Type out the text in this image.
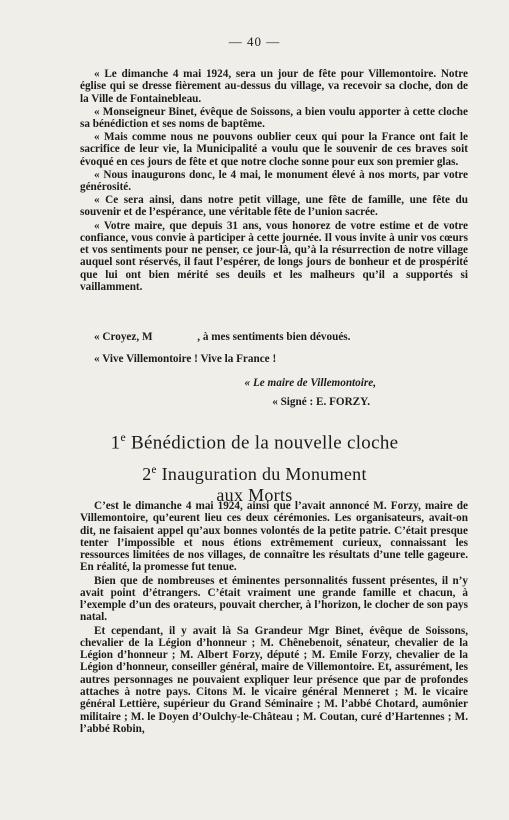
— 40 —

« Le dimanche 4 mai 1924, sera un jour de fête pour Villemontoire. Notre église qui se dresse fièrement au-dessus du village, va recevoir sa cloche, don de la Ville de Fontainebleau.

« Monseigneur Binet, évêque de Soissons, a bien voulu apporter à cette cloche sa bénédiction et ses noms de baptême.

« Mais comme nous ne pouvons oublier ceux qui pour la France ont fait le sacrifice de leur vie, la Municipalité a voulu que le souvenir de ces braves soit évoqué en ces jours de fête et que notre cloche sonne pour eux son premier glas.

« Nous inaugurons donc, le 4 mai, le monument élevé à nos morts, par votre générosité.

« Ce sera ainsi, dans notre petit village, une fête de famille, une fête du souvenir et de l’espérance, une véritable fête de l’union sacrée.

« Votre maire, que depuis 31 ans, vous honorez de votre estime et de votre confiance, vous convie à participer à cette journée. Il vous invite à unir vos cœurs et vos sentiments pour ne penser, ce jour-là, qu’à la résurrection de notre village auquel sont réservés, il faut l’espérer, de longs jours de bonheur et de prospérité que lui ont bien mérité ses deuils et les malheurs qu’il a supportés si vaillamment.

« Croyez, M                , à mes sentiments bien dévoués.

« Vive Villemontoire ! Vive la France !

« Le maire de Villemontoire,

« Signé : E. FORZY.

1e Bénédiction de la nouvelle cloche
2e Inauguration du Monument
aux Morts

C’est le dimanche 4 mai 1924, ainsi que l’avait annoncé M. Forzy, maire de Villemontoire, qu’eurent lieu ces deux cérémonies. Les organisateurs, avait-on dit, ne faisaient appel qu’aux bonnes volontés de la petite patrie. C’était presque tenter l’impossible et nous étions extrêmement curieux, connaissant les ressources limitées de nos villages, de connaître les résultats d’une telle gageure. En réalité, la promesse fut tenue.

Bien que de nombreuses et éminentes personnalités fussent présentes, il n’y avait point d’étrangers. C’était vraiment une grande famille et chacun, à l’exemple d’un des orateurs, pouvait chercher, à l’horizon, le clocher de son pays natal.

Et cependant, il y avait là Sa Grandeur Mgr Binet, évêque de Soissons, chevalier de la Légion d’honneur ; M. Chênebenoit, sénateur, chevalier de la Légion d’honneur ; M. Albert Forzy, député ; M. Emile Forzy, chevalier de la Légion d’honneur, conseiller général, maire de Villemontoire. Et, assurément, les autres personnages ne pouvaient expliquer leur présence que par de profondes attaches à notre pays. Citons M. le vicaire général Menneret ; M. le vicaire général Lettière, supérieur du Grand Séminaire ; M. l’abbé Chotard, aumônier militaire ; M. le Doyen d’Oulchy-le-Château ; M. Coutan, curé d’Hartennes ; M. l’abbé Robin,
